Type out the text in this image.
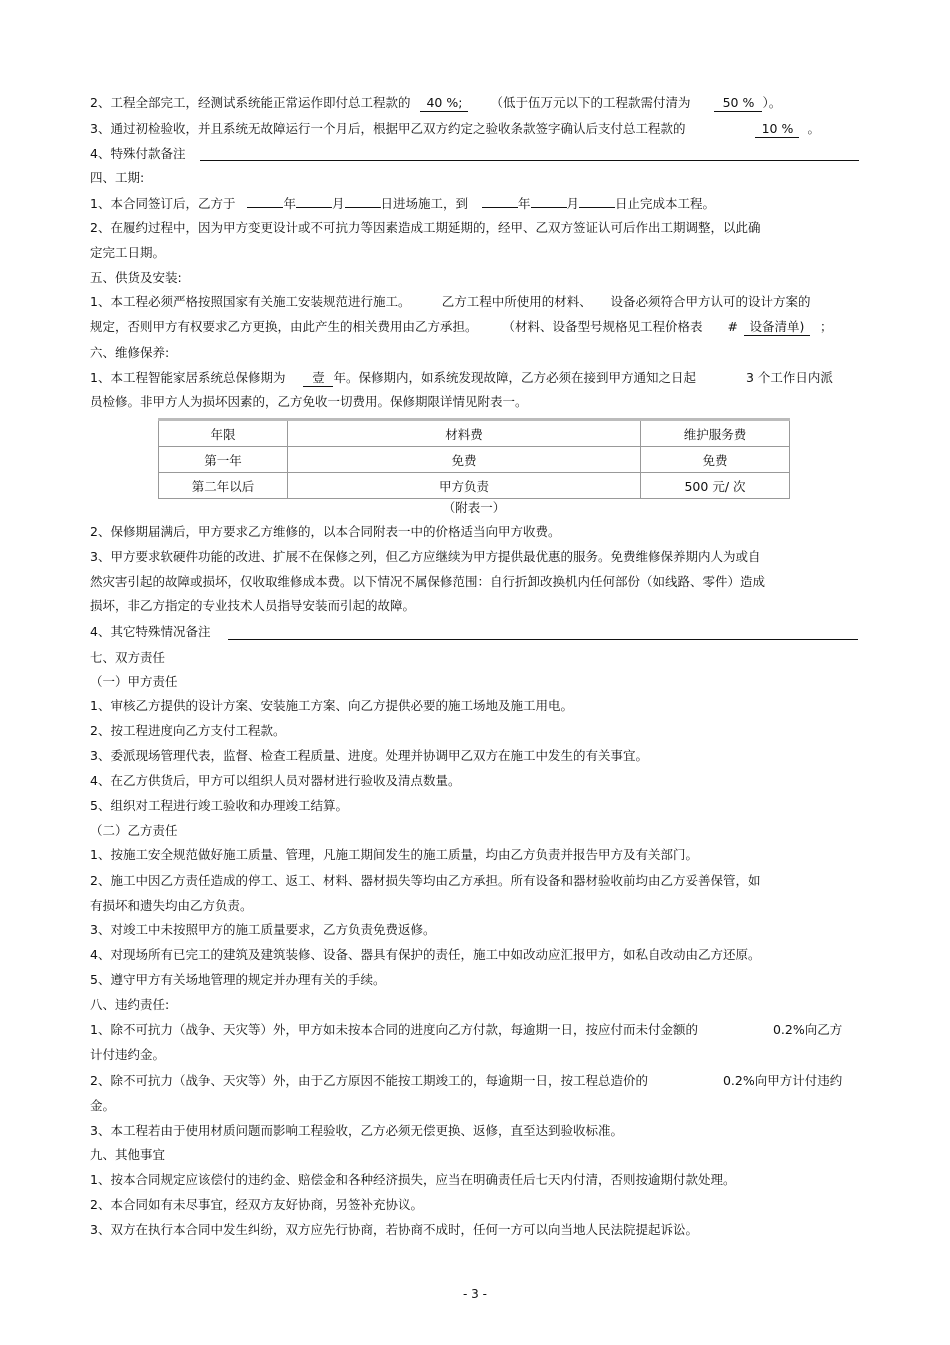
2、工程全部完工，经测试系统能正常运作即付总工程款的 40 %; （低于伍万元以下的工程款需付清为	50 % ）。
3、通过初检验收，并且系统无故障运行一个月后，根据甲乙双方约定之验收条款签字确认后支付总工程款的	10 % 。
4、特殊付款备注
四、工期:
1、本合同签订后，乙方于	年	月	日进场施工，到	年	月	日止完成本工程。
2、在履约过程中，因为甲方变更设计或不可抗力等因素造成工期延期的，经甲、乙双方签证认可后作出工期调整，以此确
定完工日期。
五、供货及安装:
1、本工程必须严格按照国家有关施工安装规范进行施工。　　　乙方工程中所使用的材料、　　设备必须符合甲方认可的设计方案的
规定，否则甲方有权要求乙方更换，由此产生的相关费用由乙方承担。　　　（材料、设备型号规格见工程价格表　　# 设备清单) ；
六、维修保养:
1、本工程智能家居系统总保修期为 壹 年。保修期内，如系统发现故障，乙方必须在接到甲方通知之日起　　　　3 个工作日内派
员检修。非甲方人为损坏因素的，乙方免收一切费用。保修期限详情见附表一。
年限	材料费	维护服务费
第一年	免费	免费
第二年以后	甲方负责	500 元/ 次
（附表一）
2、保修期届满后，甲方要求乙方维修的，以本合同附表一中的价格适当向甲方收费。
3、甲方要求软硬件功能的改进、扩展不在保修之列，但乙方应继续为甲方提供最优惠的服务。免费维修保养期内人为或自
然灾害引起的故障或损坏，仅收取维修成本费。以下情况不属保修范围：自行折卸改换机内任何部份（如线路、零件）造成
损坏，非乙方指定的专业技术人员指导安装而引起的故障。
4、其它特殊情况备注
七、双方责任
（一）甲方责任
1、审核乙方提供的设计方案、安装施工方案、向乙方提供必要的施工场地及施工用电。
2、按工程进度向乙方支付工程款。
3、委派现场管理代表，监督、检查工程质量、进度。处理并协调甲乙双方在施工中发生的有关事宜。
4、在乙方供货后，甲方可以组织人员对器材进行验收及清点数量。
5、组织对工程进行竣工验收和办理竣工结算。
（二）乙方责任
1、按施工安全规范做好施工质量、管理，凡施工期间发生的施工质量，均由乙方负责并报告甲方及有关部门。
2、施工中因乙方责任造成的停工、返工、材料、器材损失等均由乙方承担。所有设备和器材验收前均由乙方妥善保管，如
有损坏和遗失均由乙方负责。
3、对竣工中未按照甲方的施工质量要求，乙方负责免费返修。
4、对现场所有已完工的建筑及建筑装修、设备、器具有保护的责任，施工中如改动应汇报甲方，如私自改动由乙方还原。
5、遵守甲方有关场地管理的规定并办理有关的手续。
八、违约责任:
1、除不可抗力（战争、天灾等）外，甲方如未按本合同的进度向乙方付款，每逾期一日，按应付而未付金额的　　　　　　0.2%向乙方
计付违约金。
2、除不可抗力（战争、天灾等）外，由于乙方原因不能按工期竣工的，每逾期一日，按工程总造价的　　　　　　0.2%向甲方计付违约
金。
3、本工程若由于使用材质问题而影响工程验收，乙方必须无偿更换、返修，直至达到验收标准。
九、其他事宜
1、按本合同规定应该偿付的违约金、赔偿金和各种经济损失，应当在明确责任后七天内付清，否则按逾期付款处理。
2、本合同如有未尽事宜，经双方友好协商，另签补充协议。
3、双方在执行本合同中发生纠纷，双方应先行协商，若协商不成时，任何一方可以向当地人民法院提起诉讼。
- 3 -
